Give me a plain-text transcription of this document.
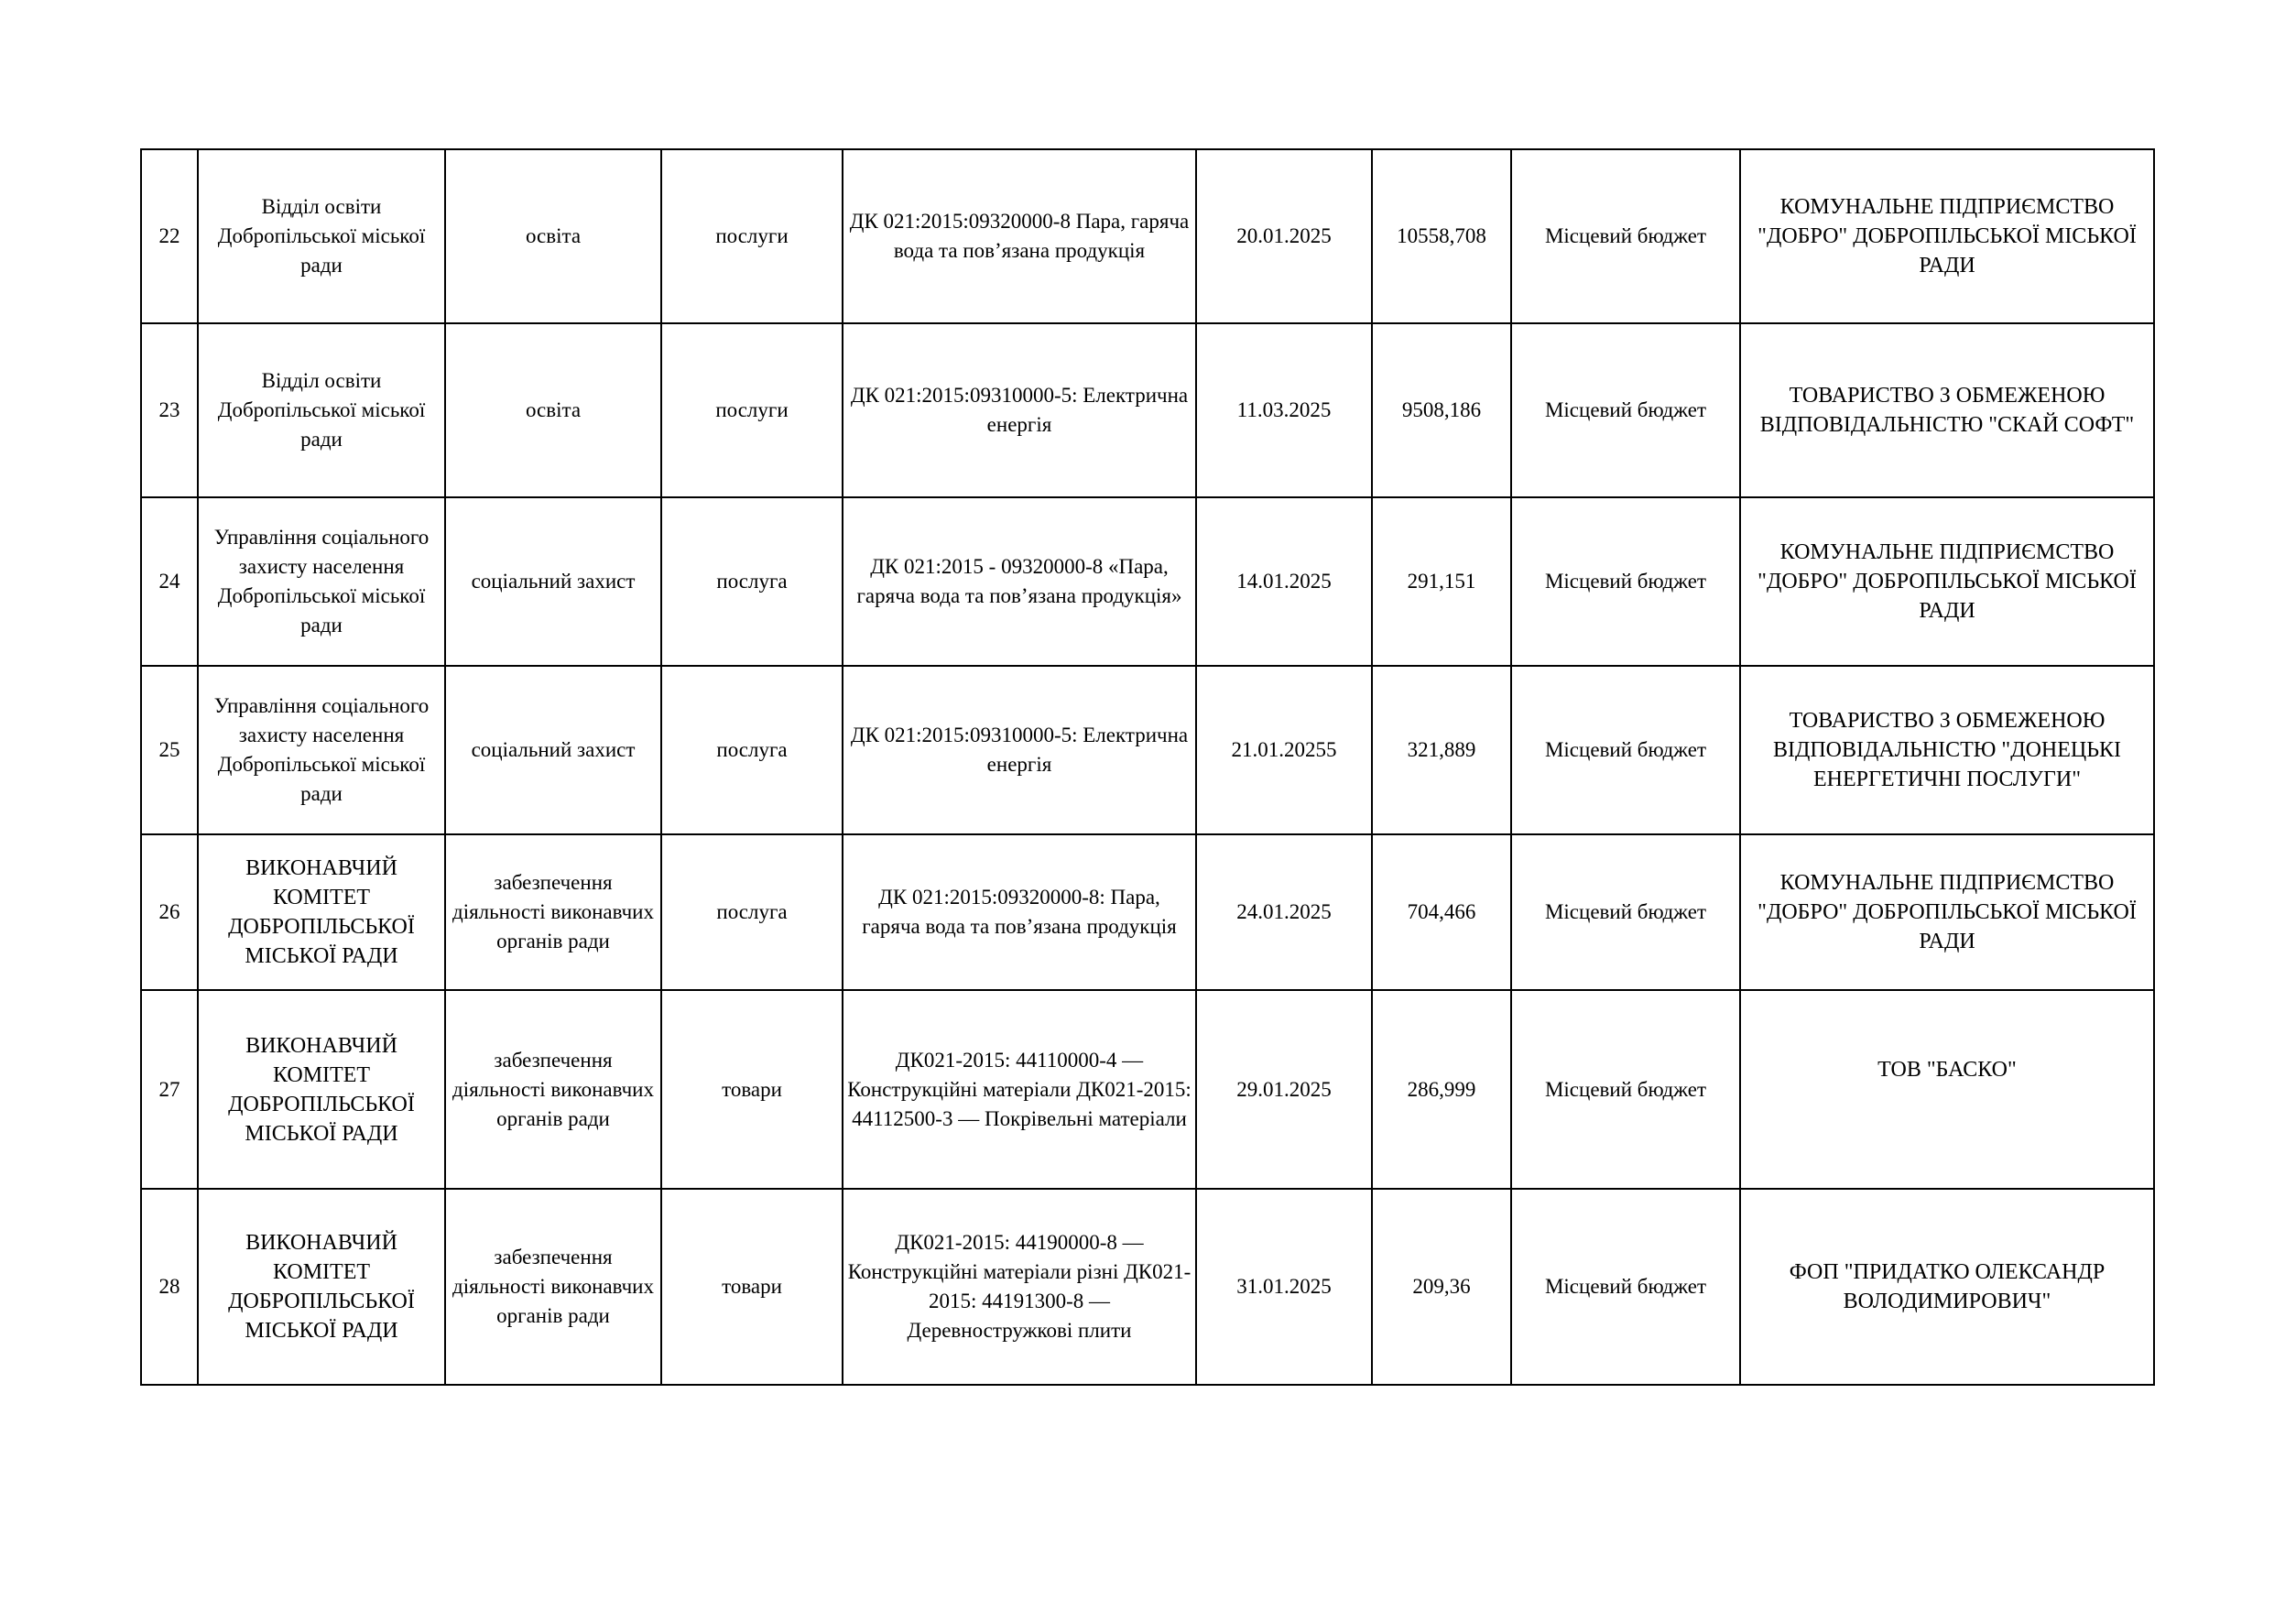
22	Відділ освіти Добропільської міської ради	освіта	послуги	ДК 021:2015:09320000-8 Пара, гаряча вода та пов’язана продукція	20.01.2025	10558,708	Місцевий бюджет	КОМУНАЛЬНЕ ПІДПРИЄМСТВО "ДОБРО" ДОБРОПІЛЬСЬКОЇ МІСЬКОЇ РАДИ
23	Відділ освіти Добропільської міської ради	освіта	послуги	ДК 021:2015:09310000-5: Електрична енергія	11.03.2025	9508,186	Місцевий бюджет	ТОВАРИСТВО З ОБМЕЖЕНОЮ ВІДПОВІДАЛЬНІСТЮ "СКАЙ СОФТ"
24	Управління соціального захисту населення Добропільської міської ради	соціальний захист	послуга	ДК 021:2015 - 09320000-8 «Пара, гаряча вода та пов’язана продукція»	14.01.2025	291,151	Місцевий бюджет	КОМУНАЛЬНЕ ПІДПРИЄМСТВО "ДОБРО" ДОБРОПІЛЬСЬКОЇ МІСЬКОЇ РАДИ
25	Управління соціального захисту населення Добропільської міської ради	соціальний захист	послуга	ДК 021:2015:09310000-5: Електрична енергія	21.01.20255	321,889	Місцевий бюджет	ТОВАРИСТВО З ОБМЕЖЕНОЮ ВІДПОВІДАЛЬНІСТЮ "ДОНЕЦЬКІ ЕНЕРГЕТИЧНІ ПОСЛУГИ"
26	ВИКОНАВЧИЙ КОМІТЕТ ДОБРОПІЛЬСЬКОЇ МІСЬКОЇ РАДИ	забезпечення діяльності виконавчих органів ради	послуга	ДК 021:2015:09320000-8: Пара, гаряча вода та пов’язана продукція	24.01.2025	704,466	Місцевий бюджет	КОМУНАЛЬНЕ ПІДПРИЄМСТВО "ДОБРО" ДОБРОПІЛЬСЬКОЇ МІСЬКОЇ РАДИ
27	ВИКОНАВЧИЙ КОМІТЕТ ДОБРОПІЛЬСЬКОЇ МІСЬКОЇ РАДИ	забезпечення діяльності виконавчих органів ради	товари	ДК021-2015: 44110000-4 — Конструкційні матеріали ДК021-2015: 44112500-3 — Покрівельні матеріали	29.01.2025	286,999	Місцевий бюджет	ТОВ "БАСКО"
28	ВИКОНАВЧИЙ КОМІТЕТ ДОБРОПІЛЬСЬКОЇ МІСЬКОЇ РАДИ	забезпечення діяльності виконавчих органів ради	товари	ДК021-2015: 44190000-8 — Конструкційні матеріали різні ДК021-2015: 44191300-8 — Деревностружкові плити	31.01.2025	209,36	Місцевий бюджет	ФОП "ПРИДАТКО ОЛЕКСАНДР ВОЛОДИМИРОВИЧ"
